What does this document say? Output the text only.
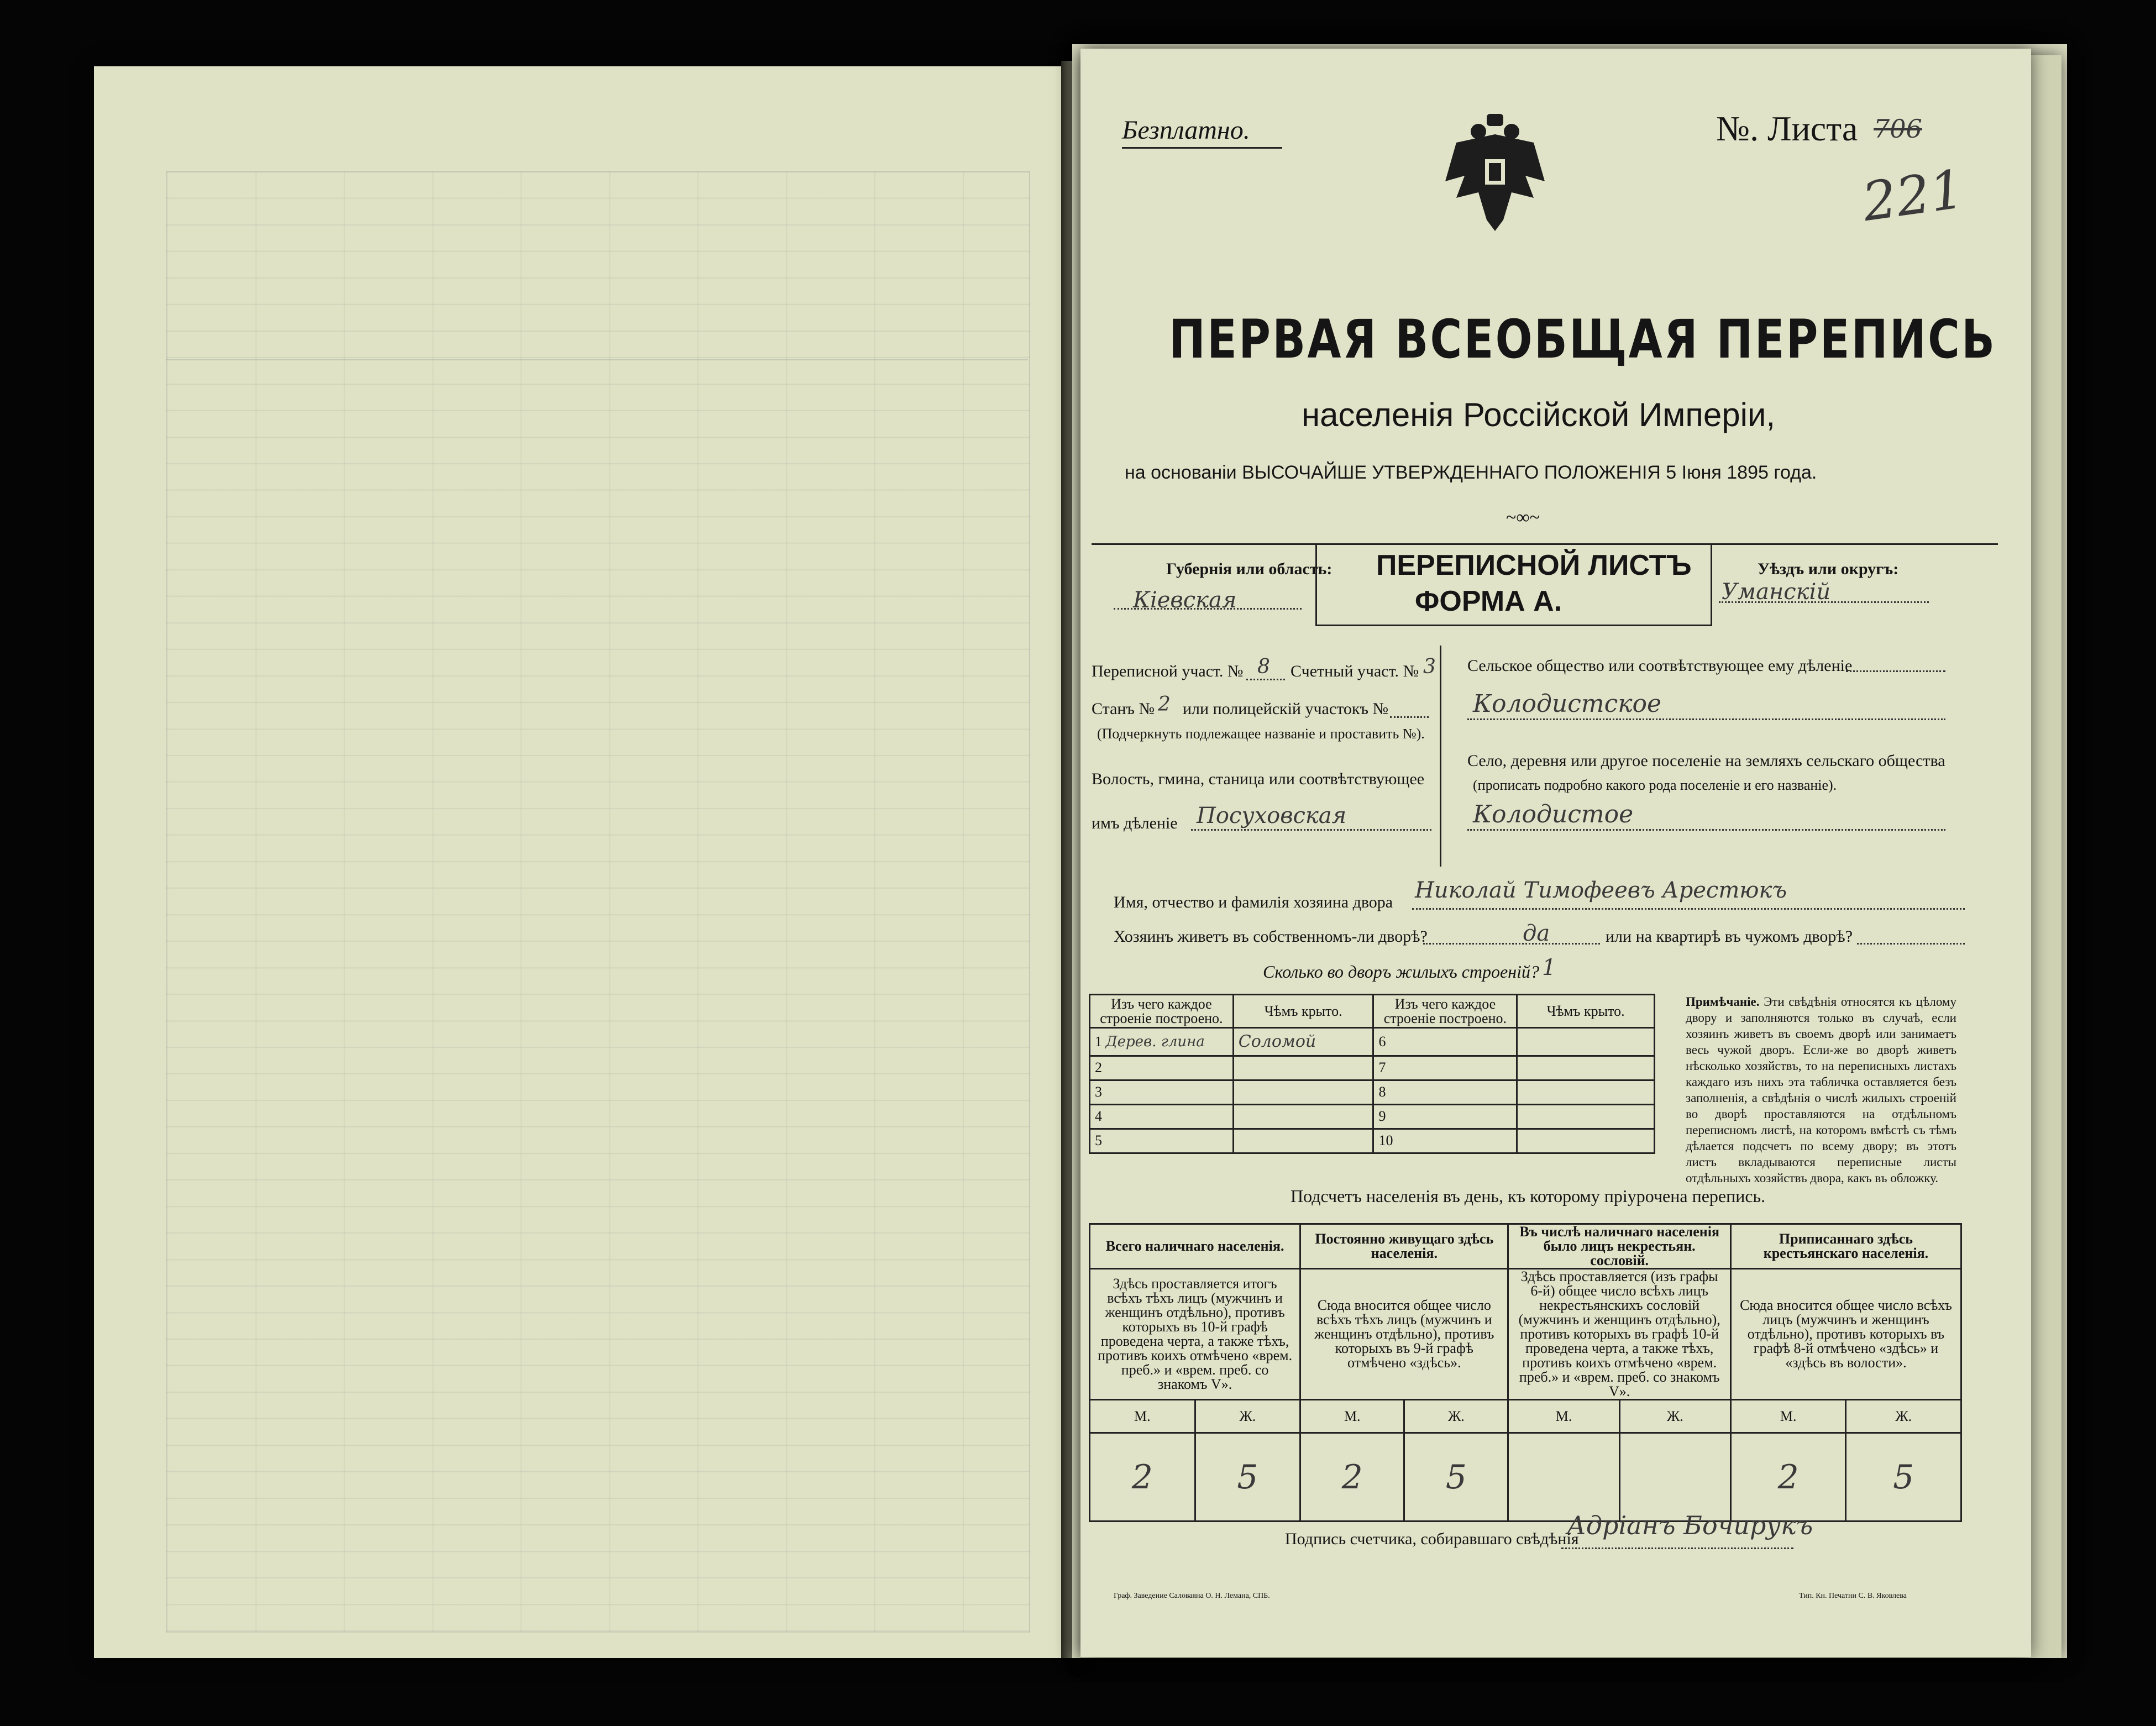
Безплатно.	№. Листа 706
221
ПЕРВАЯ ВСЕОБЩАЯ ПЕРЕПИСЬ
населенія Россійской Имперіи,
на основаніи ВЫСОЧАЙШЕ УТВЕРЖДЕННАГО ПОЛОЖЕНІЯ 5 Іюня 1895 года.
~∞~
Губернія или область:
Кіевская
ПЕРЕПИСНОЙ ЛИСТЪ
ФОРМА А.
Уѣздъ или округъ:
Уманскій
Переписной участ. № 8 Счетный участ. № 3
Станъ № 2 или полицейскій участокъ №
(Подчеркнуть подлежащее названіе и проставить №).
Волость, гмина, станица или соотвѣтствующее
имъ дѣленіе Посуховская
Сельское общество или соотвѣтствующее ему дѣленіе
Колодистское
Село, деревня или другое поселеніе на земляхъ сельскаго общества
(прописать подробно какого рода поселеніе и его названіе).
Колодистое
Имя, отчество и фамилія хозяина двора Николай Тимофеевъ Арестюкъ
Хозяинъ живетъ въ собственномъ-ли дворѣ?	да	или на квартирѣ въ чужомъ дворѣ?
Сколько во дворъ жилыхъ строеній? 1
Изъ чего каждое строеніе построено.	Чѣмъ крыто.	Изъ чего каждое строеніе построено.	Чѣмъ крыто.
1 Дерев. глина	Соломой	6	
2		7	
3		8	
4		9	
5		10	
Примѣчаніе. Эти свѣдѣнія относятся къ цѣлому двору и заполняются только въ случаѣ, если хозяинъ живетъ въ своемъ дворѣ или занимаетъ весь чужой дворъ. Если-же во дворѣ живетъ нѣсколько хозяйствъ, то на переписныхъ листахъ каждаго изъ нихъ эта табличка оставляется безъ заполненія, а свѣдѣнія о числѣ жилыхъ строеній во дворѣ проставляются на отдѣльномъ переписномъ листѣ, на которомъ вмѣстѣ съ тѣмъ дѣлается подсчетъ по всему двору; въ этотъ листъ вкладываются переписные листы отдѣльныхъ хозяйствъ двора, какъ въ обложку.
Подсчетъ населенія въ день, къ которому пріурочена перепись.
Всего наличнаго населенія.		Постоянно живущаго здѣсь населенія.		Въ числѣ наличнаго населенія было лицъ некрестьян. сословій.		Приписаннаго здѣсь крестьянскаго населенія.	
Здѣсь проставляется итогъ всѣхъ тѣхъ лицъ (мужчинъ и женщинъ отдѣльно), противъ которыхъ въ 10-й графѣ проведена черта, а также тѣхъ, противъ коихъ отмѣчено «врем. преб.» и «врем. преб. со знакомъ V».		Сюда вносится общее число всѣхъ тѣхъ лицъ (мужчинъ и женщинъ отдѣльно), противъ которыхъ въ 9-й графѣ отмѣчено «здѣсь».		Здѣсь проставляется (изъ графы 6-й) общее число всѣхъ лицъ некрестьянскихъ сословій (мужчинъ и женщинъ отдѣльно), противъ которыхъ въ графѣ 10-й проведена черта, а также тѣхъ, противъ коихъ отмѣчено «врем. преб.» и «врем. преб. со знакомъ V».		Сюда вносится общее число всѣхъ лицъ (мужчинъ и женщинъ отдѣльно), противъ которыхъ въ графѣ 8-й отмѣчено «здѣсь» и «здѣсь въ волости».	
М.	Ж.	М.	Ж.	М.	Ж.	М.	Ж.
2	5	2	5			2	5
Подпись счетчика, собиравшаго свѣдѣнія
Адріанъ Бочирукъ
Граф. Заведение Саловаяна О. Н. Лемана, СПБ.	Тип. Кн. Печатни С. В. Яковлева
